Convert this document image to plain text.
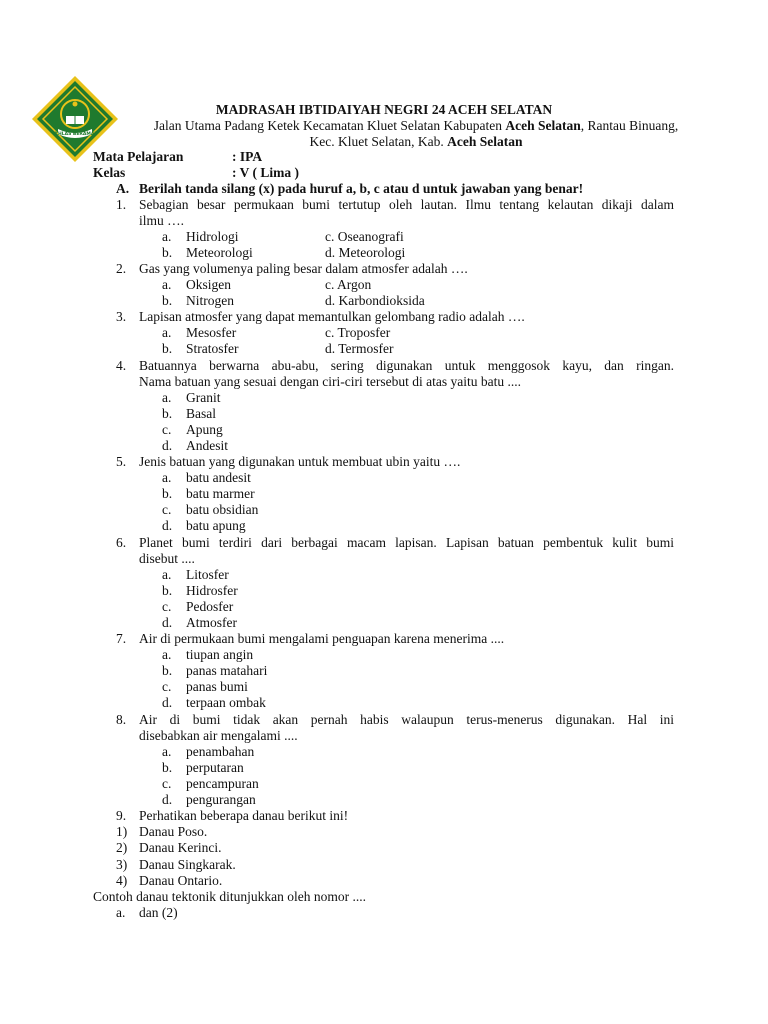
IKHLAS BERAMAL
MADRASAH IBTIDAIYAH NEGRI 24 ACEH SELATAN
Jalan Utama Padang Ketek Kecamatan Kluet Selatan Kabupaten Aceh Selatan, Rantau Binuang,
Kec. Kluet Selatan, Kab. Aceh Selatan
Mata Pelajaran	: IPA
Kelas	: V ( Lima )
A. Berilah tanda silang (x) pada huruf a, b, c atau d untuk jawaban yang benar!
1. Sebagian besar permukaan bumi tertutup oleh lautan. Ilmu tentang kelautan dikaji dalam
ilmu ….
a. Hidrologi	c. Oseanografi
b. Meteorologi	d. Meteorologi
2. Gas yang volumenya paling besar dalam atmosfer adalah ….
a. Oksigen	c. Argon
b. Nitrogen	d. Karbondioksida
3. Lapisan atmosfer yang dapat memantulkan gelombang radio adalah ….
a. Mesosfer	c. Troposfer
b. Stratosfer	d. Termosfer
4. Batuannya berwarna abu-abu, sering digunakan untuk menggosok kayu, dan ringan.
Nama batuan yang sesuai dengan ciri-ciri tersebut di atas yaitu batu ....
a. Granit
b. Basal
c. Apung
d. Andesit
5. Jenis batuan yang digunakan untuk membuat ubin yaitu ….
a. batu andesit
b. batu marmer
c. batu obsidian
d. batu apung
6. Planet bumi terdiri dari berbagai macam lapisan. Lapisan batuan pembentuk kulit bumi
disebut ....
a. Litosfer
b. Hidrosfer
c. Pedosfer
d. Atmosfer
7. Air di permukaan bumi mengalami penguapan karena menerima ....
a. tiupan angin
b. panas matahari
c. panas bumi
d. terpaan ombak
8. Air di bumi tidak akan pernah habis walaupun terus-menerus digunakan. Hal ini
disebabkan air mengalami ....
a. penambahan
b. perputaran
c. pencampuran
d. pengurangan
9. Perhatikan beberapa danau berikut ini!
1) Danau Poso.
2) Danau Kerinci.
3) Danau Singkarak.
4) Danau Ontario.
Contoh danau tektonik ditunjukkan oleh nomor ....
a. dan (2)
